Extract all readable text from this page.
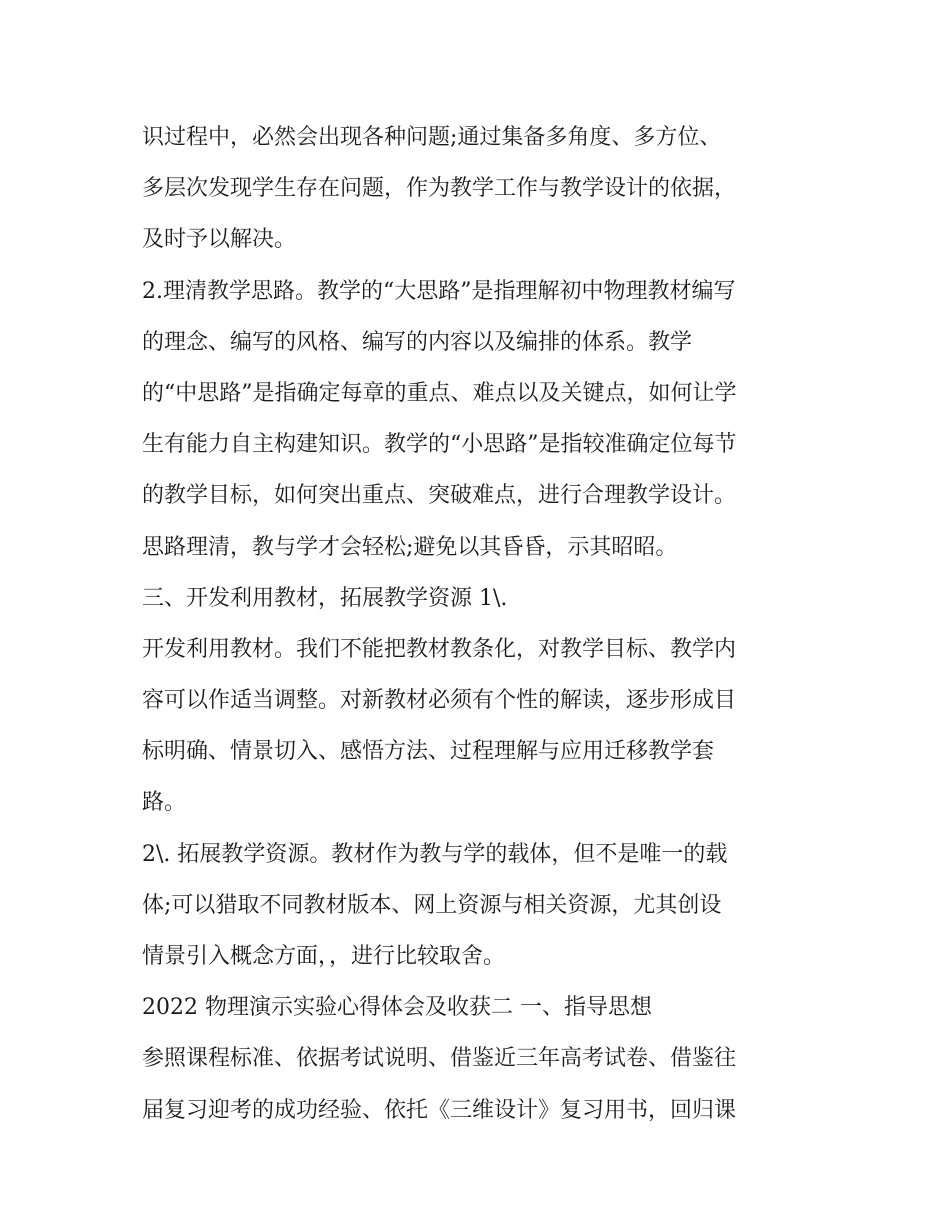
识过程中，必然会出现各种问题;通过集备多角度、多方位、
多层次发现学生存在问题，作为教学工作与教学设计的依据，
及时予以解决。
2.理清教学思路。教学的“大思路”是指理解初中物理教材编写
的理念、编写的风格、编写的内容以及编排的体系。教学
的“中思路”是指确定每章的重点、难点以及关键点，如何让学
生有能力自主构建知识。教学的“小思路”是指较准确定位每节
的教学目标，如何突出重点、突破难点，进行合理教学设计。
思路理清，教与学才会轻松;避免以其昏昏，示其昭昭。
三、开发利用教材，拓展教学资源 1\.
开发利用教材。我们不能把教材教条化，对教学目标、教学内
容可以作适当调整。对新教材必须有个性的解读，逐步形成目
标明确、情景切入、感悟方法、过程理解与应用迁移教学套
路。
2\. 拓展教学资源。教材作为教与学的载体，但不是唯一的载
体;可以猎取不同教材版本、网上资源与相关资源，尤其创设
情景引入概念方面，，进行比较取舍。
2022 物理演示实验心得体会及收获二 一、指导思想
参照课程标准、依据考试说明、借鉴近三年高考试卷、借鉴往
届复习迎考的成功经验、依托《三维设计》复习用书，回归课
